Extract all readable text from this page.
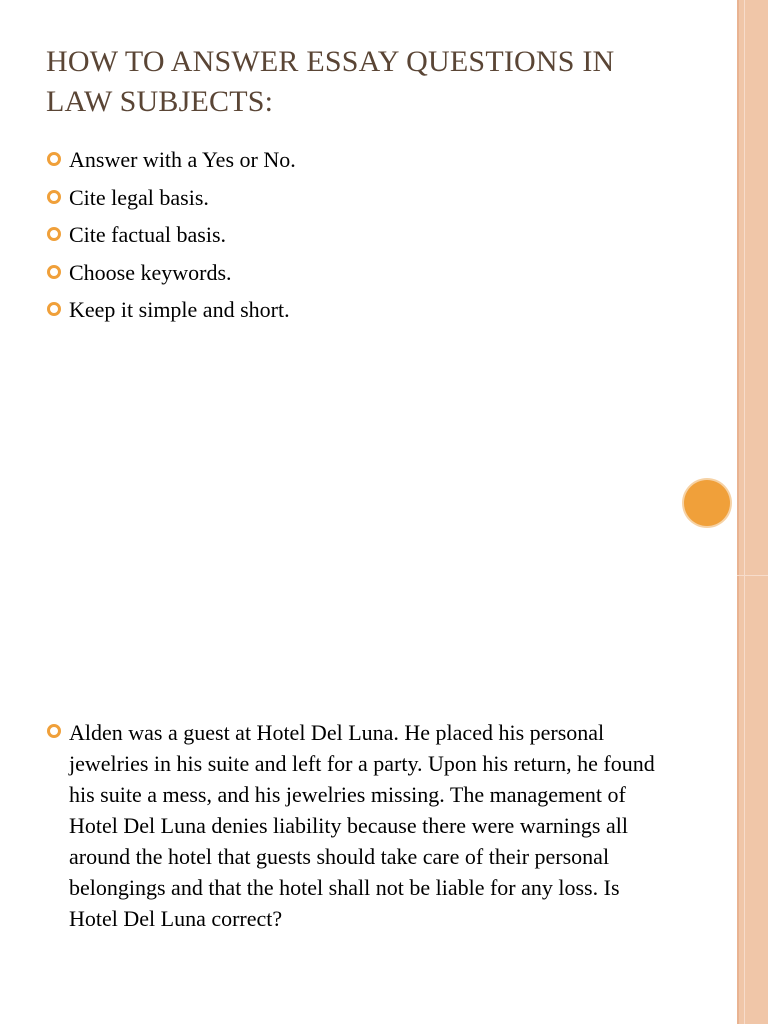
HOW TO ANSWER ESSAY QUESTIONS IN LAW SUBJECTS:
Answer with a Yes or No.
Cite legal basis.
Cite factual basis.
Choose keywords.
Keep it simple and short.
Alden was a guest at Hotel Del Luna. He placed his personal jewelries in his suite and left for a party. Upon his return, he found his suite a mess, and his jewelries missing. The management of Hotel Del Luna denies liability because there were warnings all around the hotel that guests should take care of their personal belongings and that the hotel shall not be liable for any loss. Is Hotel Del Luna correct?
